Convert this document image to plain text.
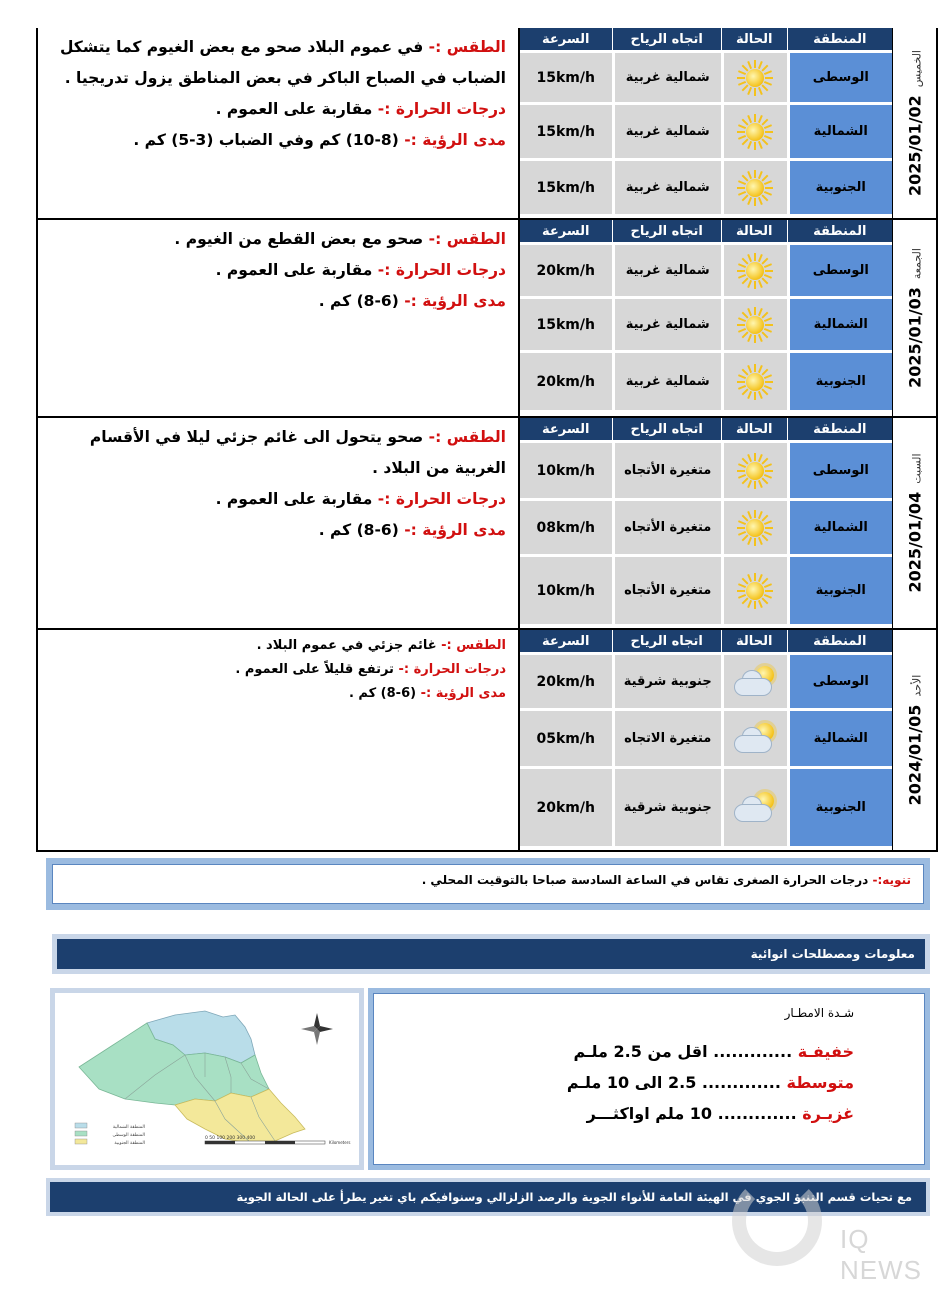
الخميس
2025/01/02
المنطقة
الحالة
اتجاه الرياح
السرعة
الوسطى
شمالية غربية
15km/h
الشمالية
شمالية غربية
15km/h
الجنوبية
شمالية غربية
15km/h
الطقس :- في عموم البلاد صحو مع بعض الغيوم كما يتشكل الضباب في الصباح الباكر في بعض المناطق يزول تدريجيا .
درجات الحرارة :- مقاربة على العموم .
مدى الرؤية :- (8-10) كم وفي الضباب (3-5) كم .
الجمعة
2025/01/03
المنطقة
الحالة
اتجاه الرياح
السرعة
الوسطى
شمالية غربية
20km/h
الشمالية
شمالية غربية
15km/h
الجنوبية
شمالية غربية
20km/h
الطقس :- صحو مع بعض القطع من الغيوم .
درجات الحرارة :- مقاربة على العموم .
مدى الرؤية :- (6-8) كم .
السبت
2025/01/04
المنطقة
الحالة
اتجاه الرياح
السرعة
الوسطى
متغيرة الأتجاه
10km/h
الشمالية
متغيرة الأتجاه
08km/h
الجنوبية
متغيرة الأتجاه
10km/h
الطقس :- صحو يتحول الى غائم جزئي ليلا في الأقسام الغربية من البلاد .
درجات الحرارة :- مقاربة على العموم .
مدى الرؤية :- (6-8) كم .
الأحد
2024/01/05
المنطقة
الحالة
اتجاه الرياح
السرعة
الوسطى
جنوبية شرقية
20km/h
الشمالية
متغيرة الاتجاه
05km/h
الجنوبية
جنوبية شرقية
20km/h
الطقس :- غائم جزئي في عموم البلاد .
درجات الحرارة :- ترتفع قليلاً على العموم .
مدى الرؤية :- (6-8) كم .
تنويه:- درجات الحرارة الصغرى تقاس في الساعة السادسة صباحا بالتوقيت المحلي .
معلومات ومصطلحات انوائية
شـدة الامطـار
خفيفـة ............. اقل من 2.5 ملـم
متوسطة ............. 2.5 الى 10 ملـم
غزيـرة ............. 10 ملم اواكثـــر
المنطقة الشمالية
المنطقة الوسطى
المنطقة الجنوبية
0 50 100 200 300 400
Kilometers
مع تحيات قسم التنبؤ الجوي في الهيئة العامة للأنواء الجوية والرصد الزلزالي وسنوافيكم باي تغير يطرأ على الحالة الجوية
IQ NEWS
